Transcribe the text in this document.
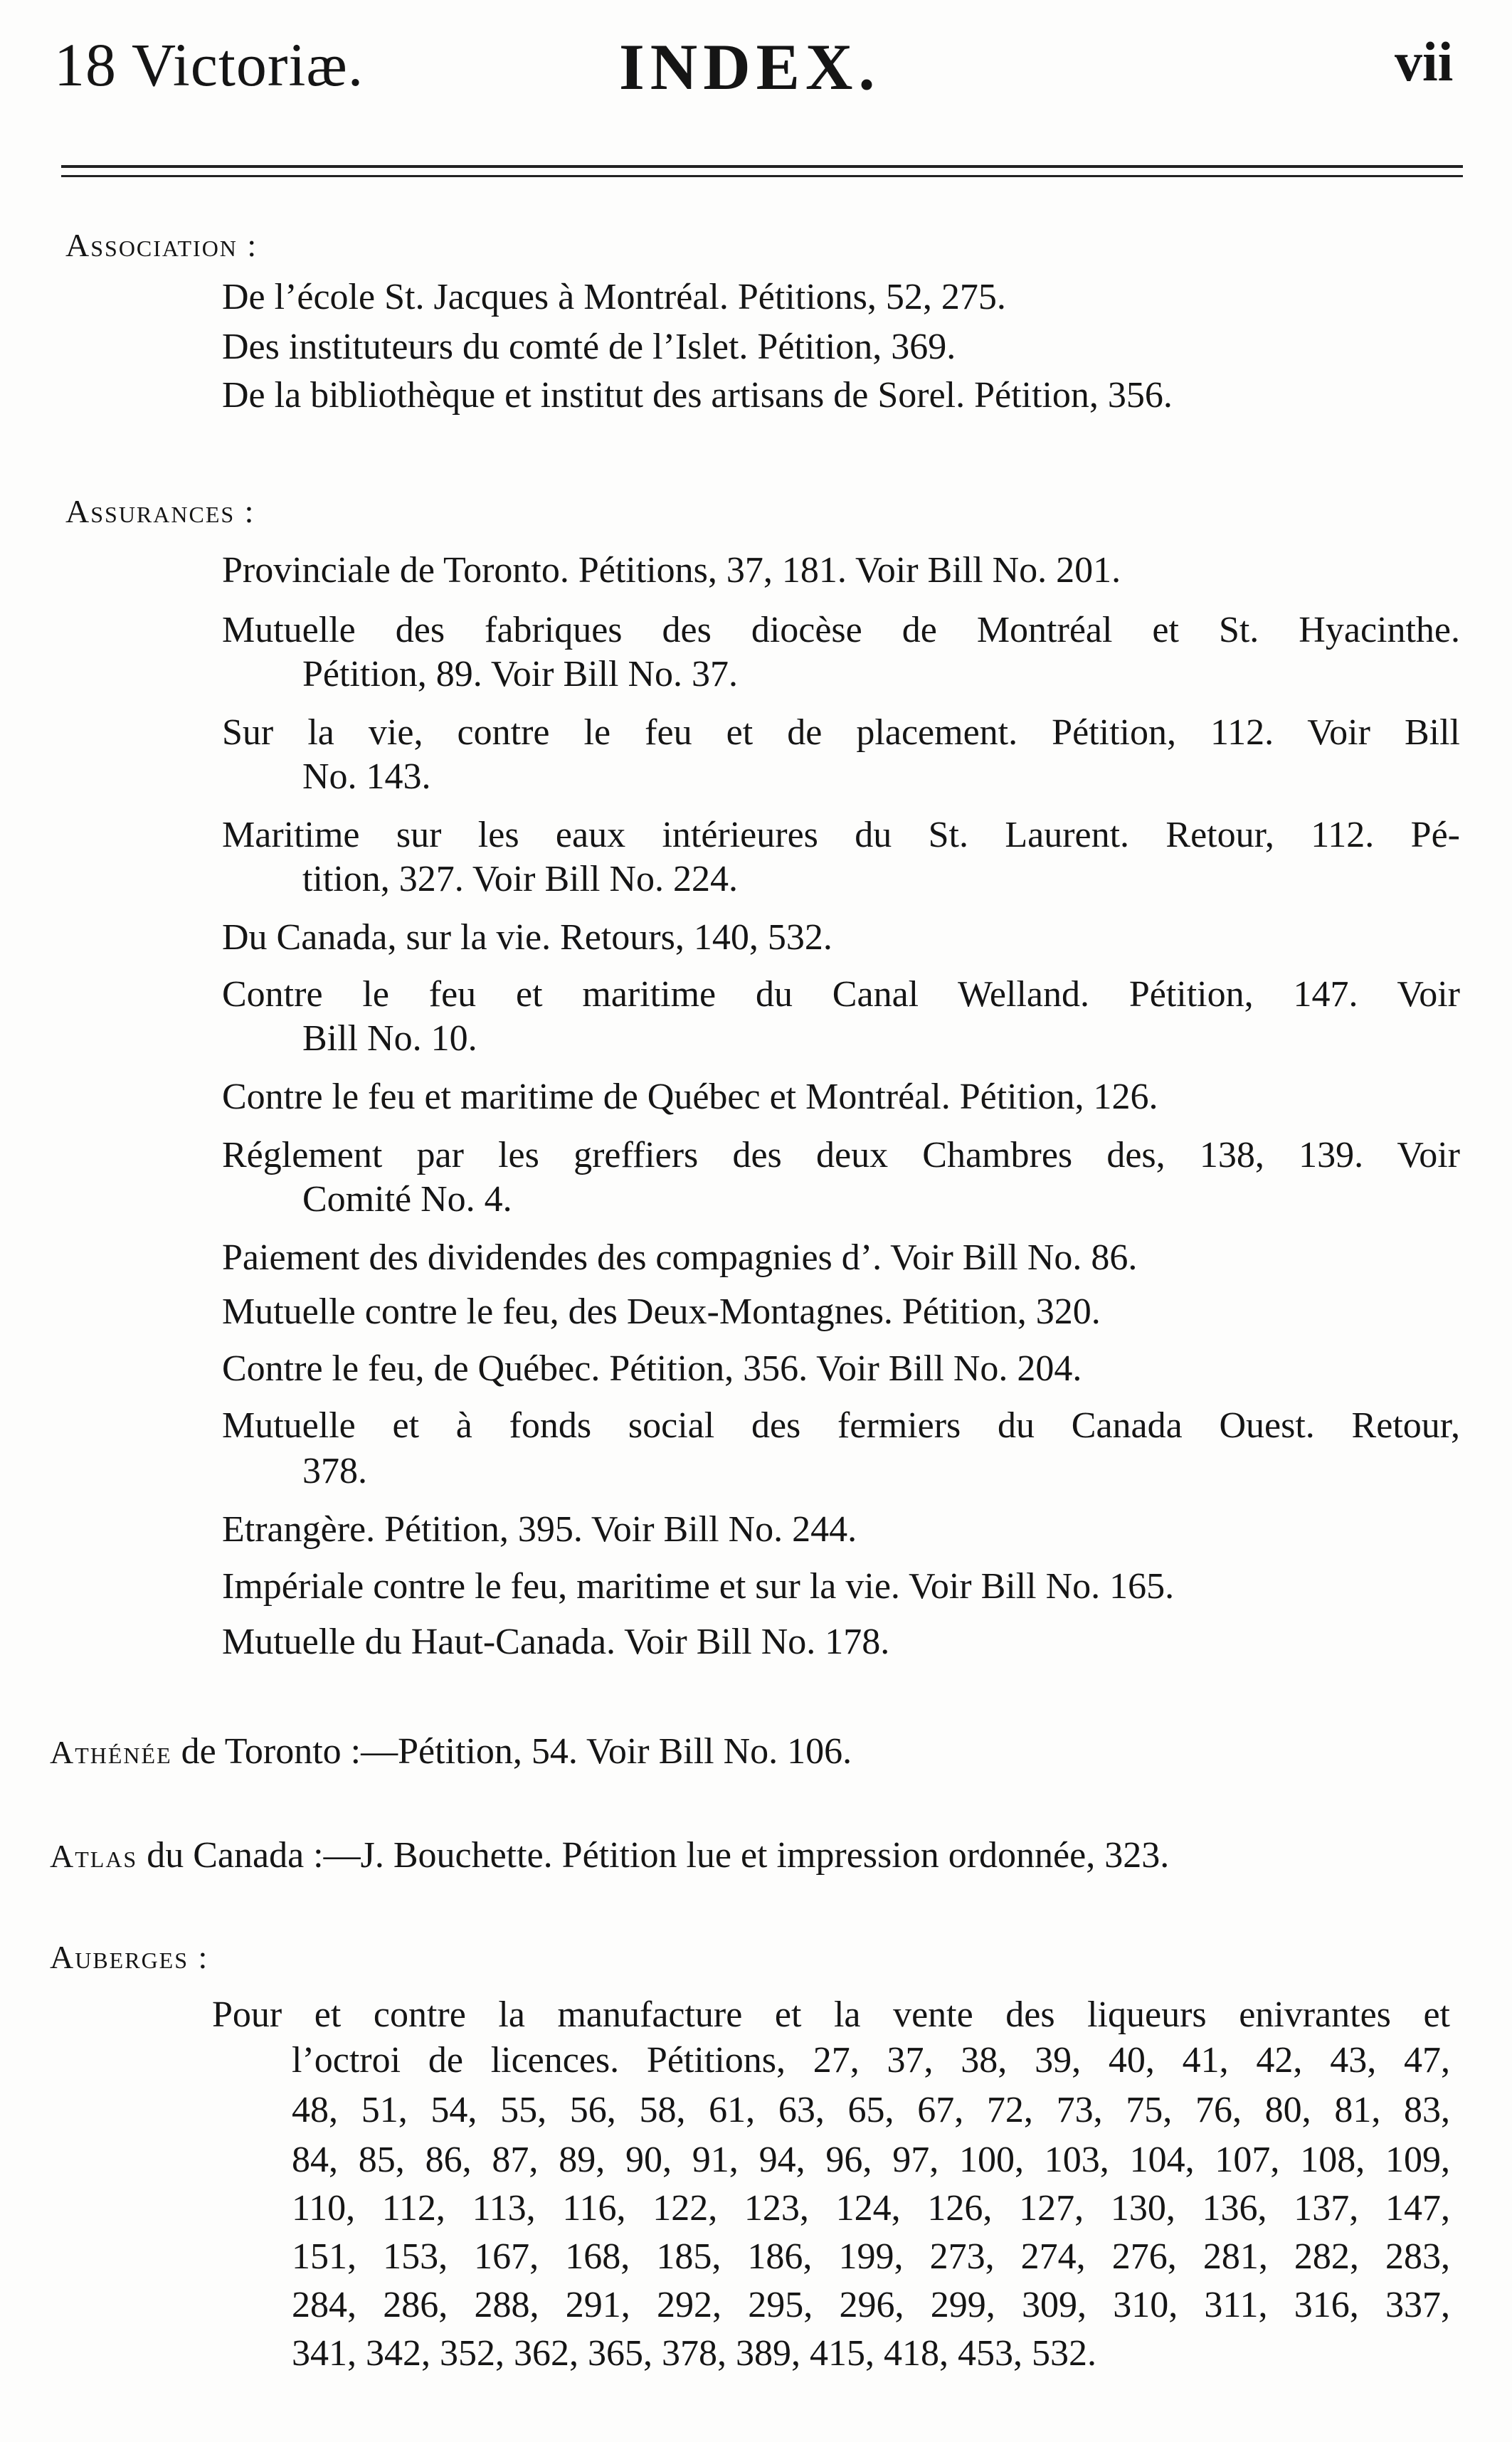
18 Victoriæ.	INDEX.	vii
Association :
De l’école St. Jacques à Montréal. Pétitions, 52, 275.
Des instituteurs du comté de l’Islet. Pétition, 369.
De la bibliothèque et institut des artisans de Sorel. Pétition, 356.
Assurances :
Provinciale de Toronto. Pétitions, 37, 181. Voir Bill No. 201.
Mutuelle des fabriques des diocèse de Montréal et St. Hyacinthe.
Pétition, 89. Voir Bill No. 37.
Sur la vie, contre le feu et de placement. Pétition, 112. Voir Bill
No. 143.
Maritime sur les eaux intérieures du St. Laurent. Retour, 112. Pé-
tition, 327. Voir Bill No. 224.
Du Canada, sur la vie. Retours, 140, 532.
Contre le feu et maritime du Canal Welland. Pétition, 147. Voir
Bill No. 10.
Contre le feu et maritime de Québec et Montréal. Pétition, 126.
Réglement par les greffiers des deux Chambres des, 138, 139. Voir
Comité No. 4.
Paiement des dividendes des compagnies d’. Voir Bill No. 86.
Mutuelle contre le feu, des Deux-Montagnes. Pétition, 320.
Contre le feu, de Québec. Pétition, 356. Voir Bill No. 204.
Mutuelle et à fonds social des fermiers du Canada Ouest. Retour,
378.
Etrangère. Pétition, 395. Voir Bill No. 244.
Impériale contre le feu, maritime et sur la vie. Voir Bill No. 165.
Mutuelle du Haut-Canada. Voir Bill No. 178.
Athénée de Toronto :—Pétition, 54. Voir Bill No. 106.
Atlas du Canada :—J. Bouchette. Pétition lue et impression ordonnée, 323.
Auberges :
Pour et contre la manufacture et la vente des liqueurs enivrantes et
l’octroi de licences. Pétitions, 27, 37, 38, 39, 40, 41, 42, 43, 47,
48, 51, 54, 55, 56, 58, 61, 63, 65, 67, 72, 73, 75, 76, 80, 81, 83,
84, 85, 86, 87, 89, 90, 91, 94, 96, 97, 100, 103, 104, 107, 108, 109,
110, 112, 113, 116, 122, 123, 124, 126, 127, 130, 136, 137, 147,
151, 153, 167, 168, 185, 186, 199, 273, 274, 276, 281, 282, 283,
284, 286, 288, 291, 292, 295, 296, 299, 309, 310, 311, 316, 337,
341, 342, 352, 362, 365, 378, 389, 415, 418, 453, 532.
